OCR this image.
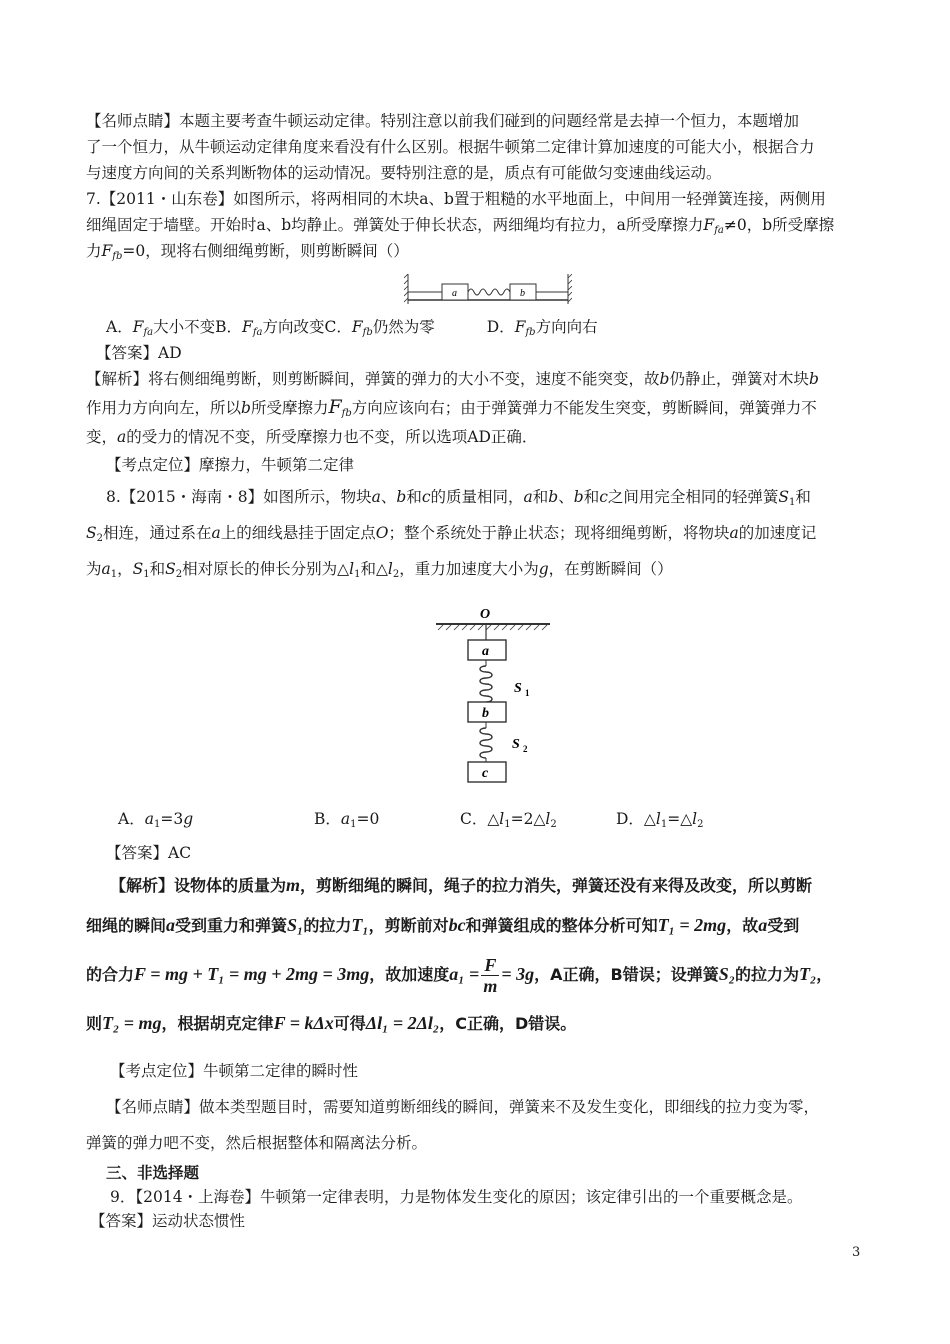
【名师点睛】本题主要考查牛顿运动定律。特别注意以前我们碰到的问题经常是去掉一个恒力，本题增加
了一个恒力，从牛顿运动定律角度来看没有什么区别。根据牛顿第二定律计算加速度的可能大小，根据合力
与速度方向间的关系判断物体的运动情况。要特别注意的是，质点有可能做匀变速曲线运动。
7.【2011・山东卷】如图所示，将两相同的木块a、b置于粗糙的水平地面上，中间用一轻弹簧连接，两侧用
细绳固定于墙壁。开始时a、b均静止。弹簧处于伸长状态，两细绳均有拉力，a所受摩擦力$F_{fa}\ne 0$，b所受摩擦
力$F_{fb}=0$，现将右侧细绳剪断，则剪断瞬间（）
a	b
A．$F_{fa}$大小不变B．$F_{fa}$方向改变C．$F_{fb}$仍然为零	D．$F_{fb}$方向向右
【答案】AD
【解析】将右侧细绳剪断，则剪断瞬间，弹簧的弹力的大小不变，速度不能突变，故b仍静止，弹簧对木块b
作用力方向向左，所以b所受摩擦力$F_{fb}$方向应该向右；由于弹簧弹力不能发生突变，剪断瞬间，弹簧弹力不
变，a的受力的情况不变，所受摩擦力也不变，所以选项AD正确．
【考点定位】摩擦力，牛顿第二定律
8.【2015・海南・8】如图所示，物块a、b和c的质量相同，a和b、b和c之间用完全相同的轻弹簧$S_1$和
$S_2$相连，通过系在a上的细线悬挂于固定点O；整个系统处于静止状态；现将细绳剪断，将物块a的加速度记
为$a_1$，$S_1$和$S_2$相对原长的伸长分别为$\triangle l_1$和$\triangle l_2$，重力加速度大小为g，在剪断瞬间（）
O
a
b
c
S 1
S 2
A．$a_1=3g$	B．$a_1=0$	C．$\triangle l_1=2\triangle l_2$	D．$\triangle l_1=\triangle l_2$
【答案】AC
【解析】设物体的质量为m，剪断细绳的瞬间，绳子的拉力消失，弹簧还没有来得及改变，所以剪断
细绳的瞬间a受到重力和弹簧S₁的拉力T₁，剪断前对bc和弹簧组成的整体分析可知T₁ = 2mg，故a受到
的合力F = mg + T₁ = mg + 2mg = 3mg，故加速度$a_1 = \frac{F}{m} = 3g$，A正确，B错误；设弹簧S₂的拉力为T₂，
则T₂ = mg，根据胡克定律F = kΔx可得Δl₁ = 2Δl₂，C正确，D错误。
【考点定位】牛顿第二定律的瞬时性
【名师点睛】做本类型题目时，需要知道剪断细线的瞬间，弹簧来不及发生变化，即细线的拉力变为零，
弹簧的弹力吧不变，然后根据整体和隔离法分析。
三、非选择题
9．【2014・上海卷】牛顿第一定律表明，力是物体发生变化的原因；该定律引出的一个重要概念是。
【答案】运动状态惯性
3
